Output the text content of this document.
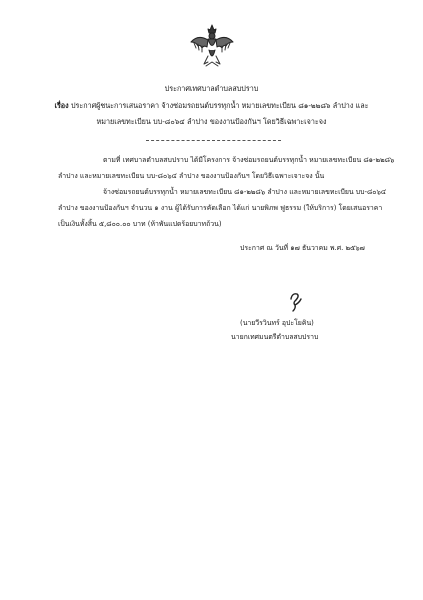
ประกาศเทศบาลตำบลสบปราบ
เรื่อง ประกาศผู้ชนะการเสนอราคา จ้างซ่อมรถยนต์บรรทุกน้ำ หมายเลขทะเบียน ๘๑-๒๒๘๖ ลำปาง และ
หมายเลขทะเบียน บบ-๘๐๖๔ ลำปาง ของงานป้องกันฯ โดยวิธีเฉพาะเจาะจง
ตามที่ เทศบาลตำบลสบปราบ ได้มีโครงการ จ้างซ่อมรถยนต์บรรทุกน้ำ หมายเลขทะเบียน ๘๑-๒๒๘๖
ลำปาง และหมายเลขทะเบียน บบ-๘๐๖๔ ลำปาง ของงานป้องกันฯ โดยวิธีเฉพาะเจาะจง นั้น
จ้างซ่อมรถยนต์บรรทุกน้ำ หมายเลขทะเบียน ๘๑-๒๒๘๖ ลำปาง และหมายเลขทะเบียน บบ-๘๐๖๔
ลำปาง ของงานป้องกันฯ จำนวน ๑ งาน ผู้ได้รับการคัดเลือก ได้แก่ นายพิภพ ฟูธรรม (ให้บริการ) โดยเสนอราคา
เป็นเงินทั้งสิ้น ๕,๘๐๐.๐๐ บาท (ห้าพันแปดร้อยบาทถ้วน)
ประกาศ ณ วันที่ ๑๗ ธันวาคม พ.ศ. ๒๕๖๗
(นายวีรวินทร์ อุปะโยคิน)
นายกเทศมนตรีตำบลสบปราบ
